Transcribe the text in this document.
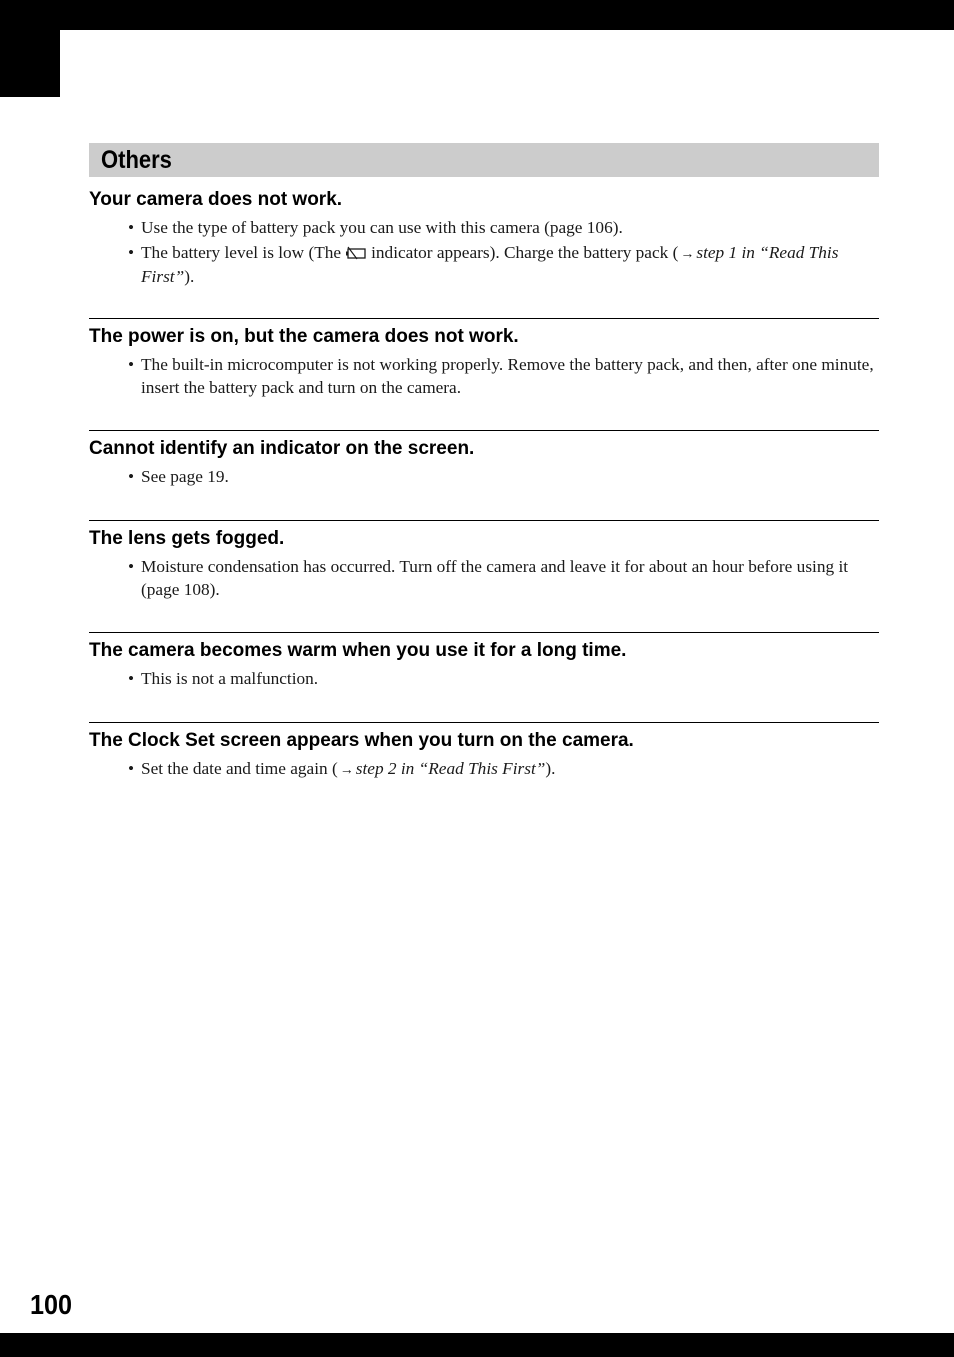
Others
Your camera does not work.
• Use the type of battery pack you can use with this camera (page 106).
• The battery level is low (The indicator appears). Charge the battery pack ( → step 1 in “Read This First”).
The power is on, but the camera does not work.
• The built-in microcomputer is not working properly. Remove the battery pack, and then, after one minute, insert the battery pack and turn on the camera.
Cannot identify an indicator on the screen.
• See page 19.
The lens gets fogged.
• Moisture condensation has occurred. Turn off the camera and leave it for about an hour before using it (page 108).
The camera becomes warm when you use it for a long time.
• This is not a malfunction.
The Clock Set screen appears when you turn on the camera.
• Set the date and time again ( → step 2 in “Read This First”).
100
